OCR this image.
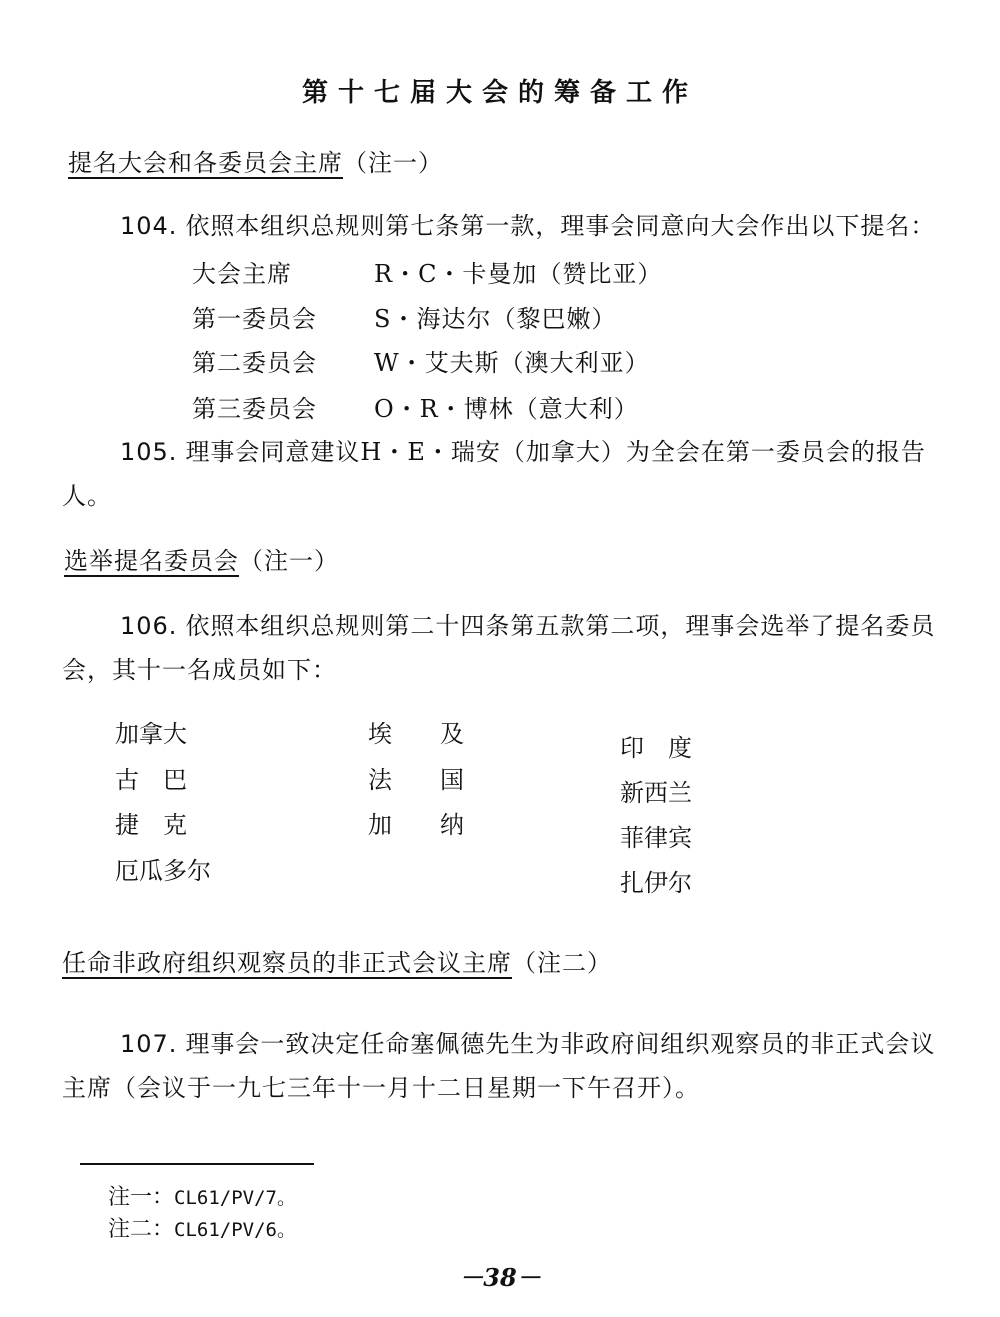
第十七届大会的筹备工作
提名大会和各委员会主席（注一）
104. 依照本组织总规则第七条第一款，理事会同意向大会作出以下提名：
大会主席	R・C・卡曼加（赞比亚）
第一委员会 S・海达尔（黎巴嫩）
第二委员会 W・艾夫斯（澳大利亚）
第三委员会 O・R・博林（意大利）
105. 理事会同意建议H・E・瑞安（加拿大）为全会在第一委员会的报告
人。
选举提名委员会（注一）
106. 依照本组织总规则第二十四条第五款第二项，理事会选举了提名委员
会，其十一名成员如下：
加拿大
古　巴
捷　克
厄瓜多尔
埃　　及
法　　国
加　　纳
印　度
新西兰
菲律宾
扎伊尔
任命非政府组织观察员的非正式会议主席（注二）
107. 理事会一致决定任命塞佩德先生为非政府间组织观察员的非正式会议
主席（会议于一九七三年十一月十二日星期一下午召开）。
注一：CL61/PV/7。
注二：CL61/PV/6。
－38－
